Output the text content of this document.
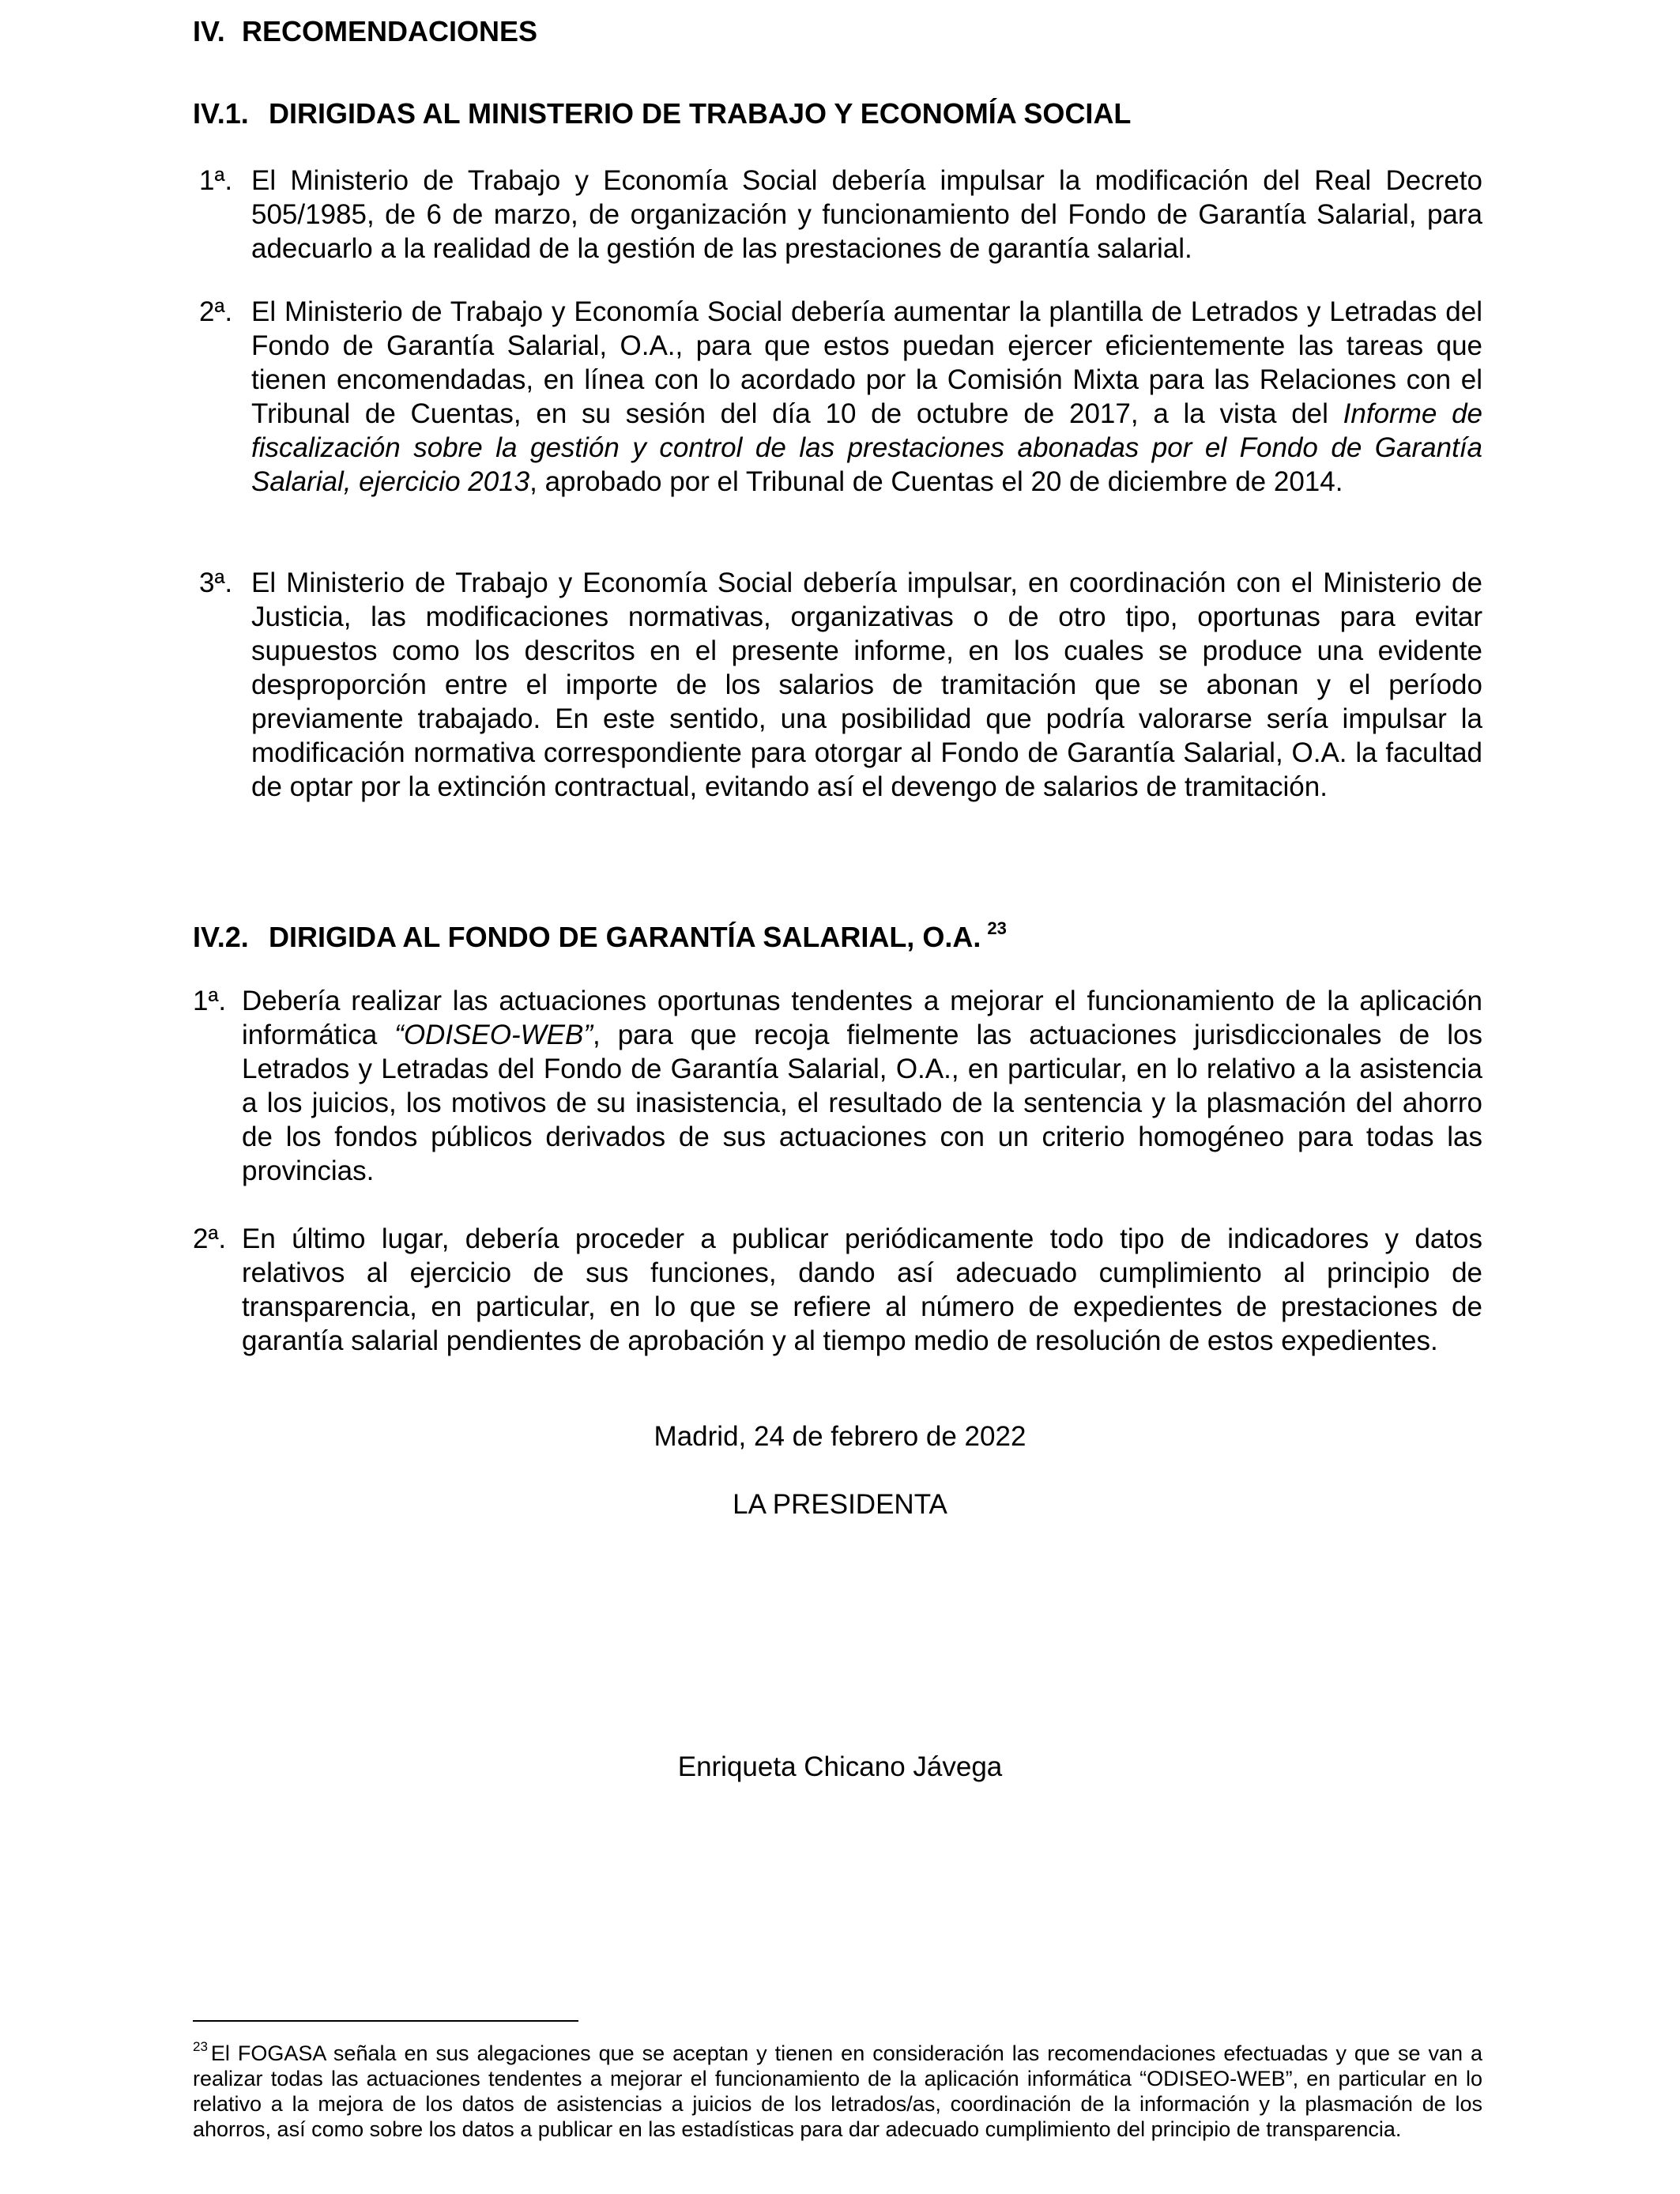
IV. RECOMENDACIONES
IV.1. DIRIGIDAS AL MINISTERIO DE TRABAJO Y ECONOMÍA SOCIAL
1ª. El Ministerio de Trabajo y Economía Social debería impulsar la modificación del Real Decreto 505/1985, de 6 de marzo, de organización y funcionamiento del Fondo de Garantía Salarial, para adecuarlo a la realidad de la gestión de las prestaciones de garantía salarial.
2ª. El Ministerio de Trabajo y Economía Social debería aumentar la plantilla de Letrados y Letradas del Fondo de Garantía Salarial, O.A., para que estos puedan ejercer eficientemente las tareas que tienen encomendadas, en línea con lo acordado por la Comisión Mixta para las Relaciones con el Tribunal de Cuentas, en su sesión del día 10 de octubre de 2017, a la vista del Informe de fiscalización sobre la gestión y control de las prestaciones abonadas por el Fondo de Garantía Salarial, ejercicio 2013, aprobado por el Tribunal de Cuentas el 20 de diciembre de 2014.
3ª. El Ministerio de Trabajo y Economía Social debería impulsar, en coordinación con el Ministerio de Justicia, las modificaciones normativas, organizativas o de otro tipo, oportunas para evitar supuestos como los descritos en el presente informe, en los cuales se produce una evidente desproporción entre el importe de los salarios de tramitación que se abonan y el período previamente trabajado. En este sentido, una posibilidad que podría valorarse sería impulsar la modificación normativa correspondiente para otorgar al Fondo de Garantía Salarial, O.A. la facultad de optar por la extinción contractual, evitando así el devengo de salarios de tramitación.
IV.2. DIRIGIDA AL FONDO DE GARANTÍA SALARIAL, O.A. $^{23}$
1ª. Debería realizar las actuaciones oportunas tendentes a mejorar el funcionamiento de la aplicación informática “ODISEO-WEB”, para que recoja fielmente las actuaciones jurisdiccionales de los Letrados y Letradas del Fondo de Garantía Salarial, O.A., en particular, en lo relativo a la asistencia a los juicios, los motivos de su inasistencia, el resultado de la sentencia y la plasmación del ahorro de los fondos públicos derivados de sus actuaciones con un criterio homogéneo para todas las provincias.
2ª. En último lugar, debería proceder a publicar periódicamente todo tipo de indicadores y datos relativos al ejercicio de sus funciones, dando así adecuado cumplimiento al principio de transparencia, en particular, en lo que se refiere al número de expedientes de prestaciones de garantía salarial pendientes de aprobación y al tiempo medio de resolución de estos expedientes.
Madrid, 24 de febrero de 2022
LA PRESIDENTA
Enriqueta Chicano Jávega
$^{23}$ El FOGASA señala en sus alegaciones que se aceptan y tienen en consideración las recomendaciones efectuadas y que se van a realizar todas las actuaciones tendentes a mejorar el funcionamiento de la aplicación informática “ODISEO-WEB”, en particular en lo relativo a la mejora de los datos de asistencias a juicios de los letrados/as, coordinación de la información y la plasmación de los ahorros, así como sobre los datos a publicar en las estadísticas para dar adecuado cumplimiento del principio de transparencia.
